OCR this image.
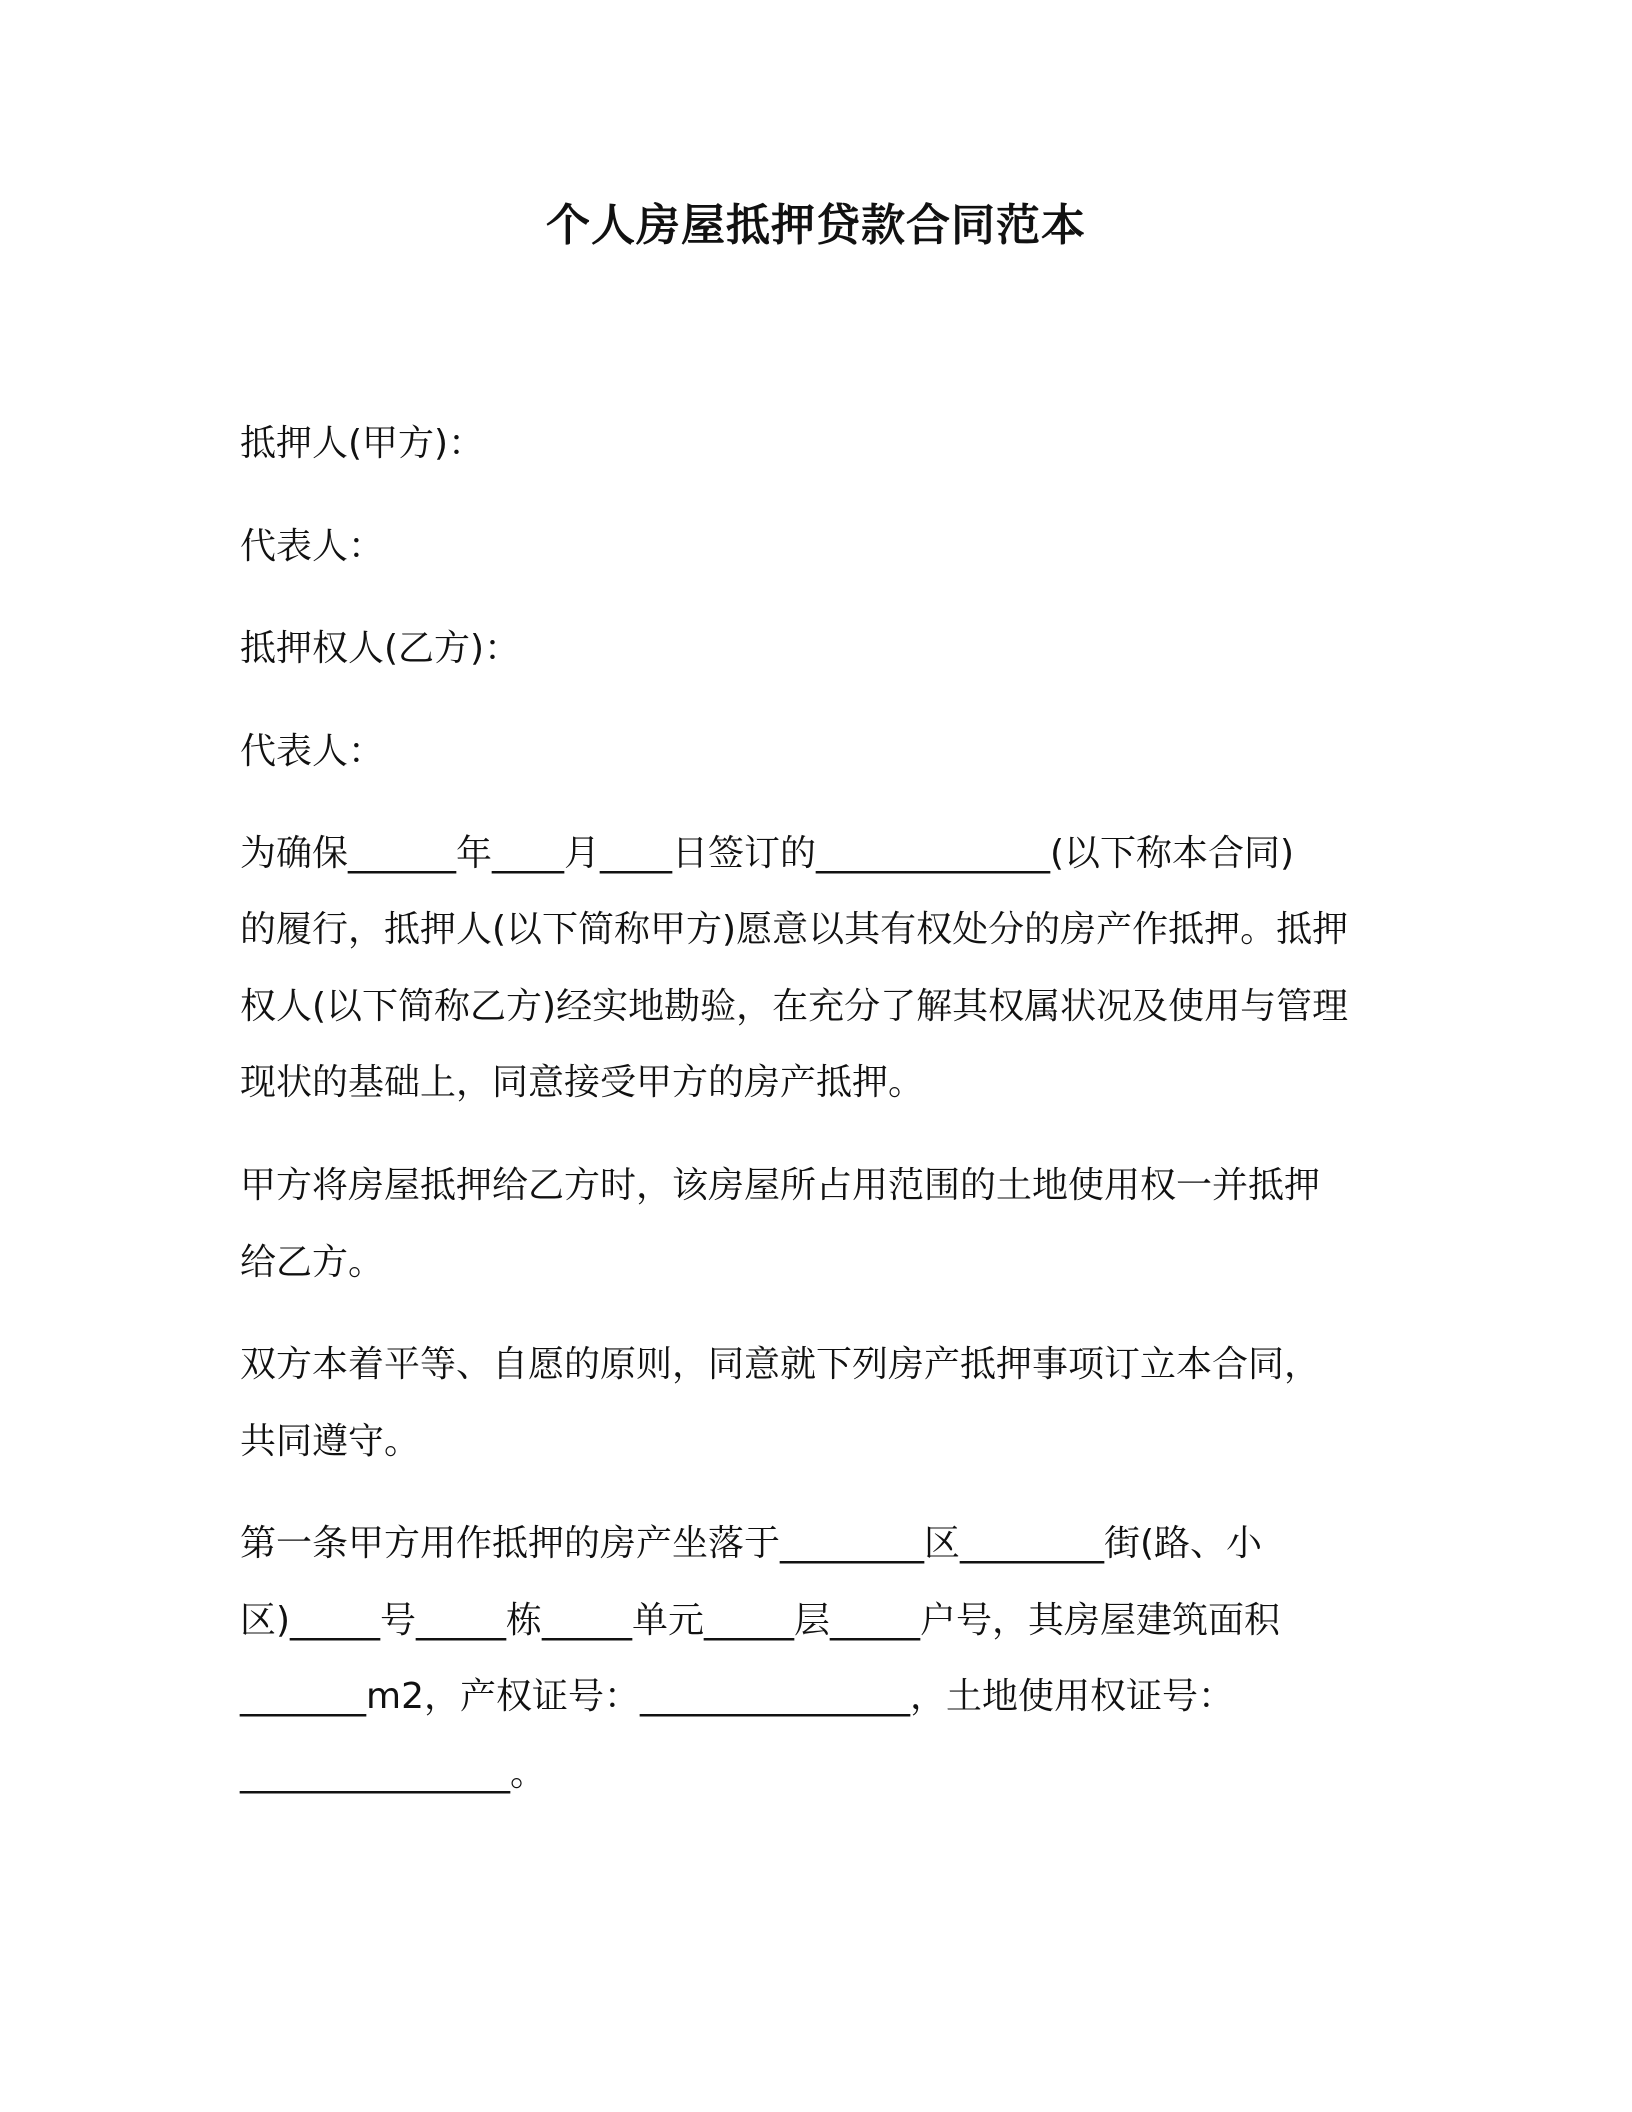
个人房屋抵押贷款合同范本

抵押人(甲方)：

代表人：

抵押权人(乙方)：

代表人：

为确保______年____月____日签订的_____________(以下称本合同)

的履行，抵押人(以下简称甲方)愿意以其有权处分的房产作抵押。抵押

权人(以下简称乙方)经实地勘验，在充分了解其权属状况及使用与管理

现状的基础上，同意接受甲方的房产抵押。

甲方将房屋抵押给乙方时，该房屋所占用范围的土地使用权一并抵押

给乙方。

双方本着平等、自愿的原则，同意就下列房产抵押事项订立本合同，

共同遵守。

第一条甲方用作抵押的房产坐落于________区________街(路、小

区)_____号_____栋_____单元_____层_____户号，其房屋建筑面积

_______m2，产权证号：_______________，土地使用权证号：

_______________。
